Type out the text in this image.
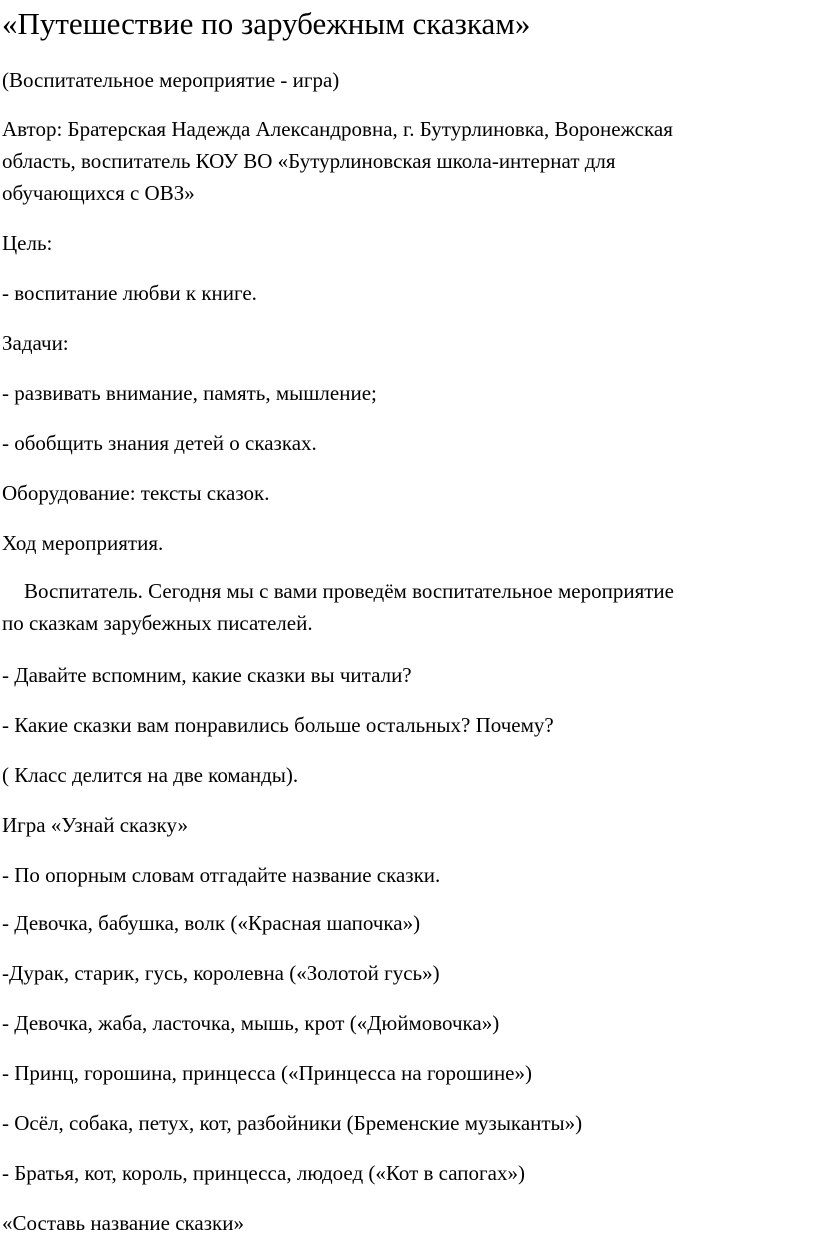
«Путешествие по зарубежным сказкам»

(Воспитательное мероприятие - игра)

Автор: Братерская Надежда Александровна, г. Бутурлиновка, Воронежская
область, воспитатель КОУ ВО «Бутурлиновская школа-интернат для
обучающихся с ОВЗ»

Цель:

- воспитание любви к книге.

Задачи:

- развивать внимание, память, мышление;

- обобщить знания детей о сказках.

Оборудование: тексты сказок.

Ход мероприятия.

Воспитатель. Сегодня мы с вами проведём воспитательное мероприятие
по сказкам зарубежных писателей.

- Давайте вспомним, какие сказки вы читали?

- Какие сказки вам понравились больше остальных? Почему?

( Класс делится на две команды).

Игра «Узнай сказку»

- По опорным словам отгадайте название сказки.

- Девочка, бабушка, волк («Красная шапочка»)

-Дурак, старик, гусь, королевна («Золотой гусь»)

- Девочка, жаба, ласточка, мышь, крот («Дюймовочка»)

- Принц, горошина, принцесса («Принцесса на горошине»)

- Осёл, собака, петух, кот, разбойники (Бременские музыканты»)

- Братья, кот, король, принцесса, людоед («Кот в сапогах»)

«Составь название сказки»
